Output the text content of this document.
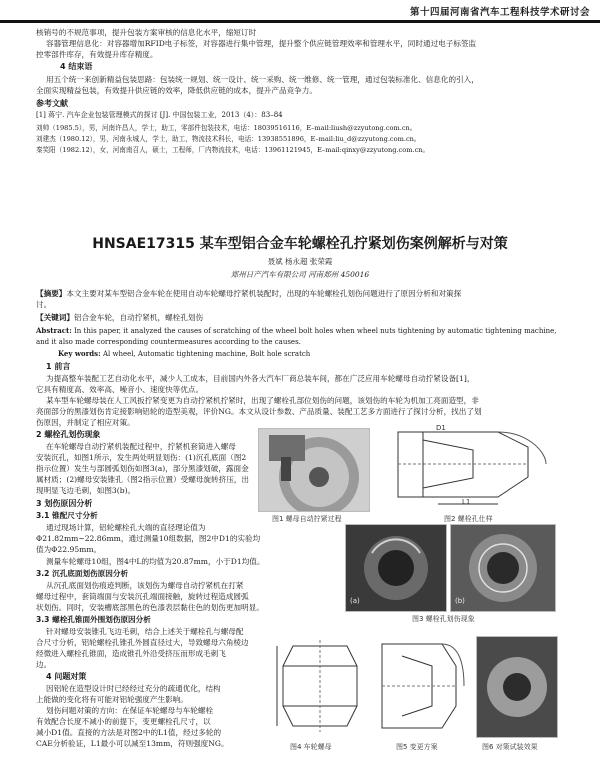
第十四届河南省汽车工程科技学术研讨会
核销号的不规范事项，提升包装方案审核的信息化水平，缩短订时
容器管理信息化：对容器增加RFID电子标签，对容器进行集中管理，提升整个供应链管理效率和管理水平，同时通过电子标签监
控零部件库存，有效提升库存精度。
4 结束语
用五个统一来创新精益包装思路：包装统一规划、统一设计、统一采购、统一维修、统一管理，通过包装标准化、信息化的引入，
全面实现精益包装，有效提升供应链的效率，降低供应链的成本，提升产品竞争力。
参考文献
[1] 蒋宁. 汽车企业包装管理模式的探讨 [J]. 中国包装工业，2013（4）：83–84
刘帅（1985.5），男，河南许昌人，学士，助工，零部件包装技术，电话：18039516116，E–mail:liush@zzyutong.com.cn。
刘建杰（1980.12），男，河南永城人，学士，助工，物流技术科长，电话：13938551896，E–mail:liu_d@zzyutong.com.cn。
秦笑阳（1982.12），女，河南南召人，硕士，工程师，厂内物流技术，电话：13961121945，E–mail:qinxy@zzyutong.com.cn。
HNSAE17315 某车型铝合金车轮螺栓孔拧紧划伤案例解析与对策
聂斌 杨永超 张荣霞
郑州日产汽车有限公司 河南郑州 450016
【摘要】本文主要对某车型铝合金车轮在使用自动车轮螺母拧紧机装配时，出现的车轮螺栓孔划伤问题进行了原因分析和对策探
讨。
【关键词】铝合金车轮，自动拧紧机，螺栓孔划伤
Abstract: In this paper, it analyzed the causes of scratching of the wheel bolt holes when wheel nuts tightening by automatic tightening machine,
and it also made corresponding countermeasures according to the causes.
Key words: Al wheel, Automatic tightening machine, Bolt hole scratch
1 前言
为提高整车装配工艺自动化水平，减少人工成本，目前国内外各大汽车厂商总装车间，都在广泛应用车轮螺母自动拧紧设备[1]，
它具有精度高、效率高、噪音小、速度快等优点。
某车型车轮螺母装在人工风扳拧紧变更为自动拧紧机拧紧时，出现了螺栓孔部位划伤的问题，该划伤的车轮为机加工亮面造型，非
亮面部分的黑漆划伤肯定接影响铝轮的造型美观，评价NG。本文从设计参数、产品质量、装配工艺多方面进行了探讨分析，找出了划
伤原因，并制定了相应对策。
2 螺栓孔划伤现象
在车轮螺母自动拧紧机装配过程中，拧紧机套筒进入螺母
安装沉孔，如图1所示，发生两处明显划伤：(1)沉孔底面（图2
指示位置）发生与部圆弧划伤如图3(a)，部分黑漆划破，露面金
属材质；(2)螺母安装锥孔（图2指示位置）受螺母旋转挤压，出
现明显飞边毛刺，如图3(b)。
3 划伤原因分析
3.1 锥配尺寸分析
通过现场计算，铝轮螺栓孔大端的直径理论值为
Φ21.82mm~22.86mm，通过测量10组数据，图2中D1的实验均
值为Φ22.95mm。
测量车轮螺母10组，图4中L的均值为20.87mm，小于D1均值。
3.2 沉孔底面划伤原因分析
从沉孔底面划伤痕迹判断，该划伤为螺母自动拧紧机在打紧
螺母过程中，套筒端面与安装沉孔端面接触，旋转过程造成圆弧
状划伤。同时，安装槽底部黑色的色漆表层黏住色的划伤更加明显。
3.3 螺栓孔锥面外围划伤原因分析
针对螺母安装锥孔飞边毛刺，结合上述关于螺栓孔与螺母配
合尺寸分析，铝轮螺栓孔锥孔外圆直径过大，导致螺母六角棱边
经微进入螺栓孔锥面，造成锥孔外沿受挤压而形成毛刺飞
边。
4 问题对策
因铝轮在造型设计时已经经过充分的疏通优化，结构
上能做的变化将有可能对铝轮强度产生影响。
划伤问题对策的方向：在保证车轮螺母与车轮螺栓
有效配合长度不减小的前提下，变更螺栓孔尺寸，以
减小D1值。直接的方法是对图2中的L1值，经过多轮的
CAE分析验证，L1最小可以减至13mm，符则强度NG。
图1 螺母自动拧紧过程
D1
L1
图2 螺栓孔仕样
(a)	(b)
图3 螺栓孔划伤现象
图4 车轮螺母	图5 变更方案	图6 对策试装效果
